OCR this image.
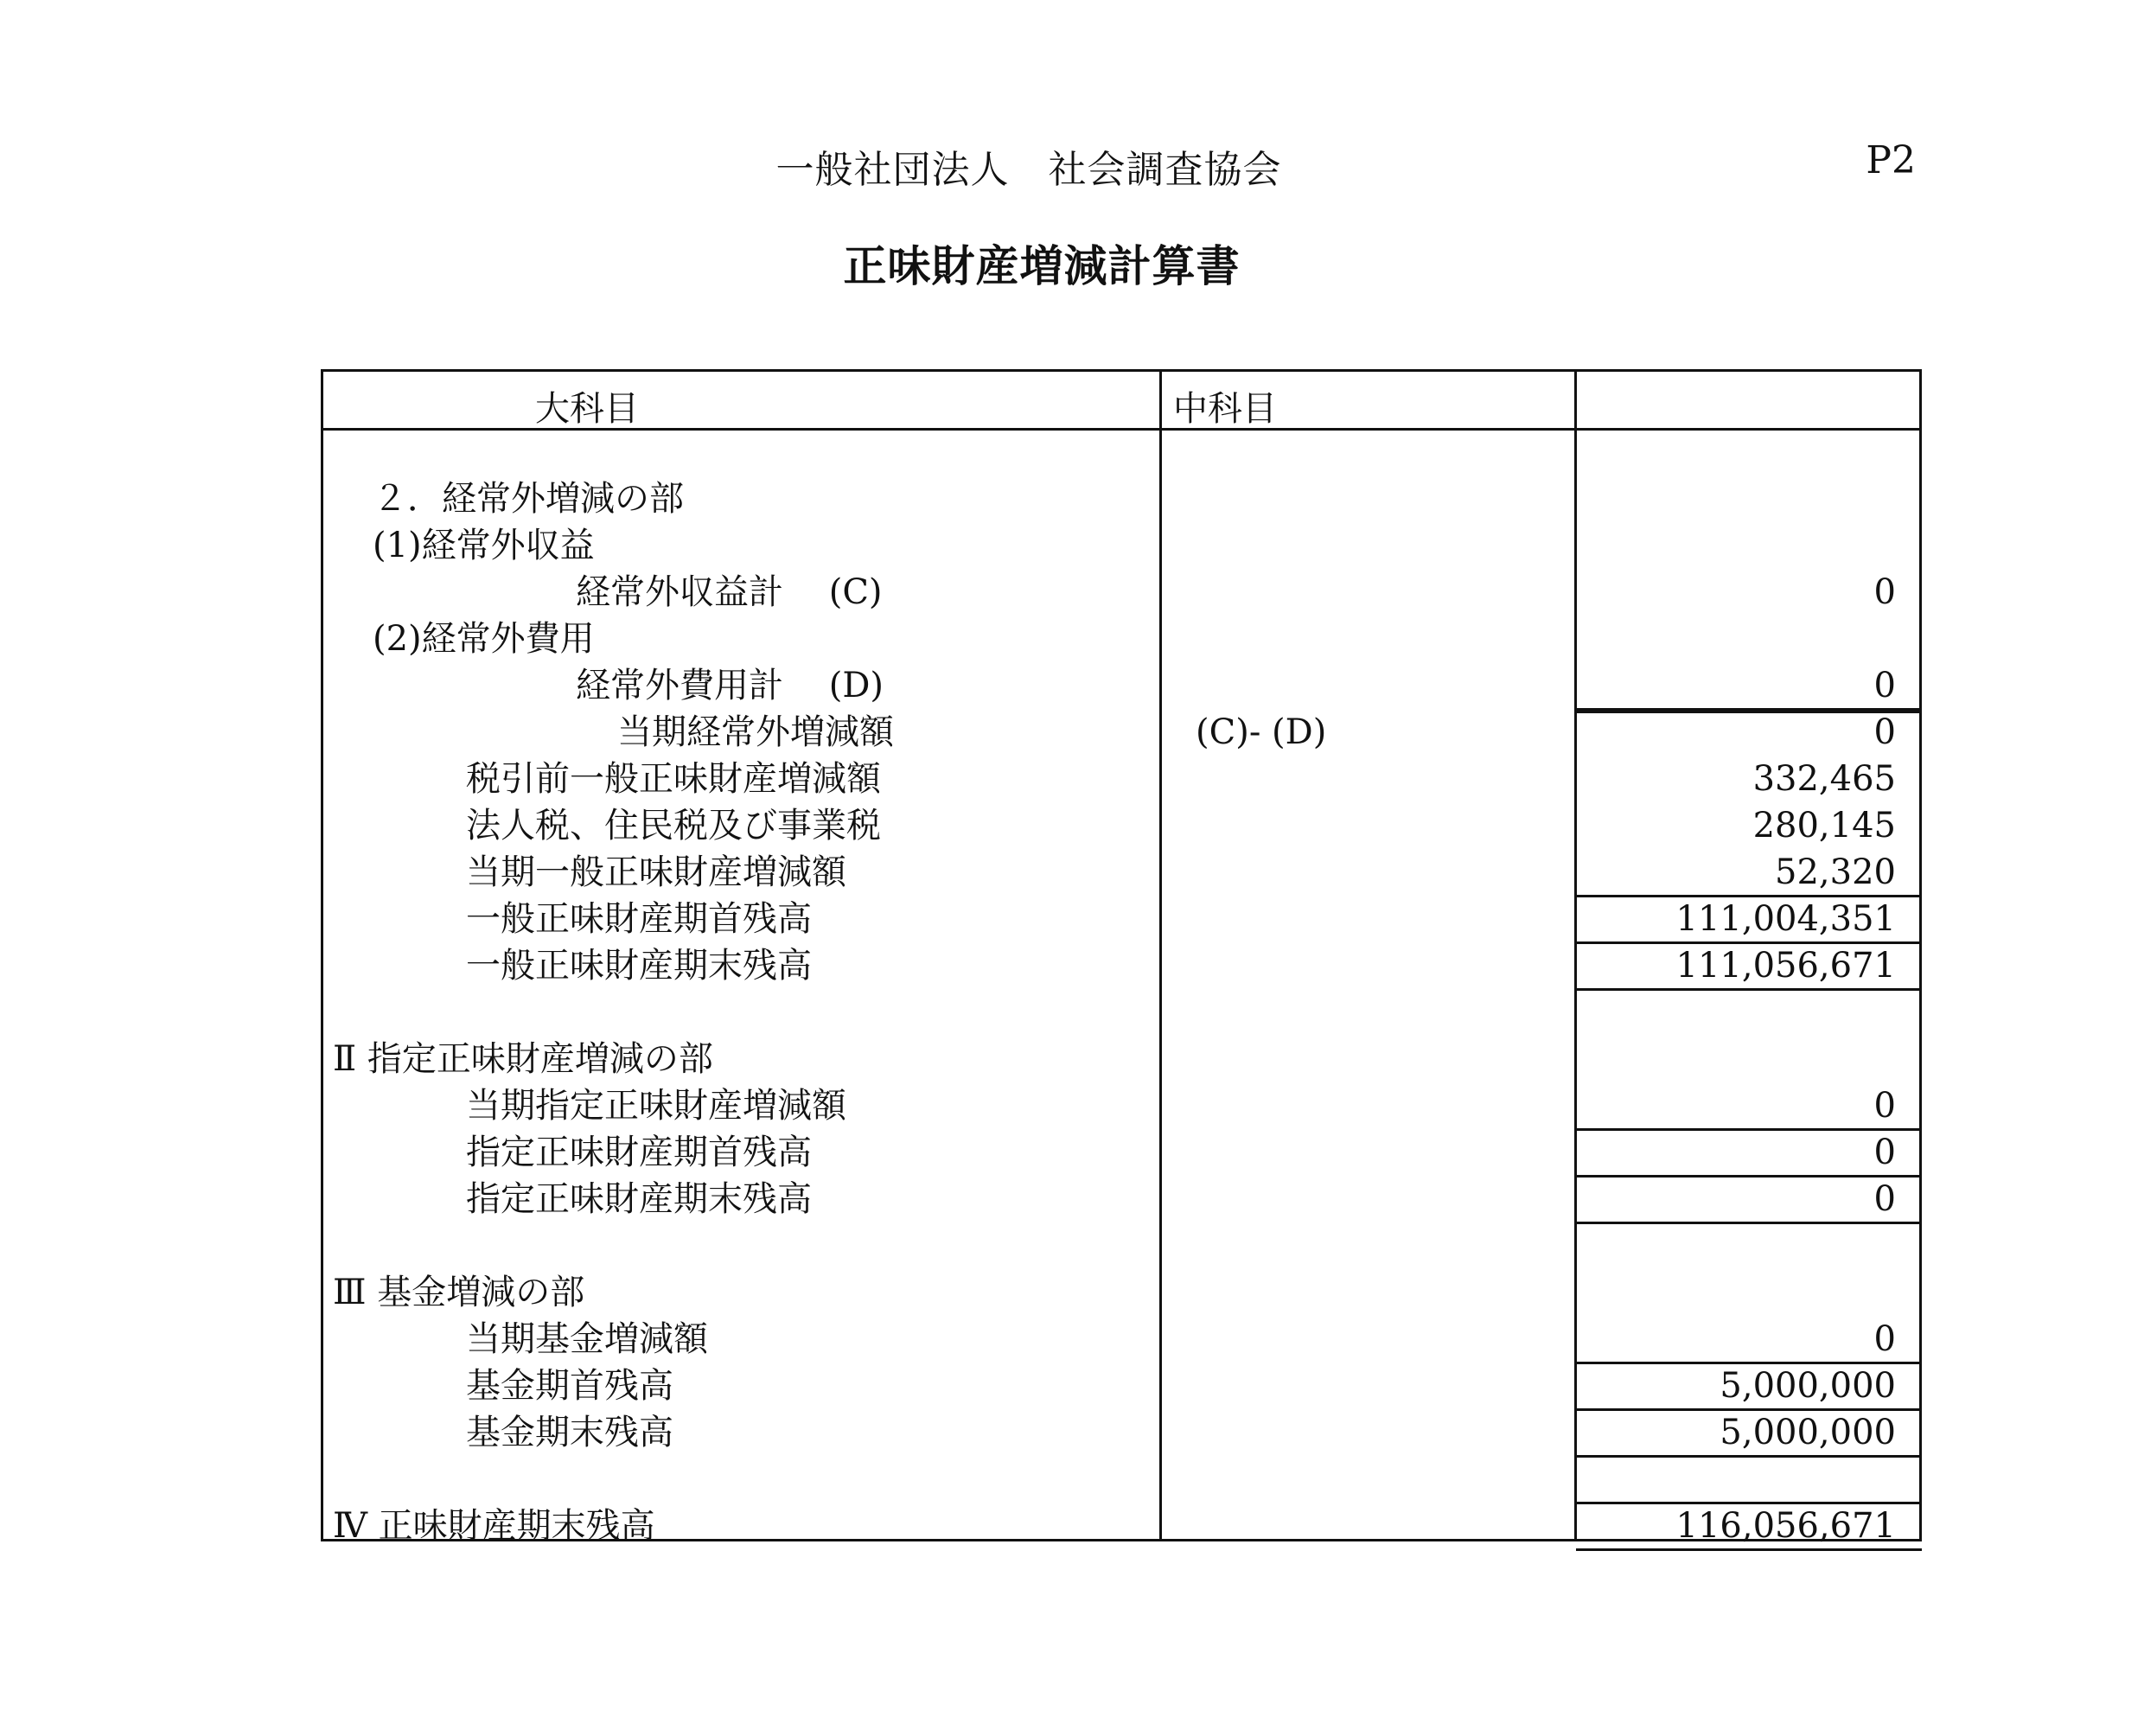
一般社団法人　社会調査協会	P2
正味財産増減計算書
大科目	中科目
２．経常外増減の部
(1)経常外収益
経常外収益計　 (C)
(2)経常外費用
経常外費用計　 (D)
当期経常外増減額
税引前一般正味財産増減額
法人税、住民税及び事業税
当期一般正味財産増減額
一般正味財産期首残高
一般正味財産期末残高
Ⅱ 指定正味財産増減の部
当期指定正味財産増減額
指定正味財産期首残高
指定正味財産期末残高
Ⅲ 基金増減の部
当期基金増減額
基金期首残高
基金期末残高
Ⅳ 正味財産期末残高
(C)- (D)
0
0
0
332,465
280,145
52,320
111,004,351
111,056,671
0
0
0
0
5,000,000
5,000,000
116,056,671
